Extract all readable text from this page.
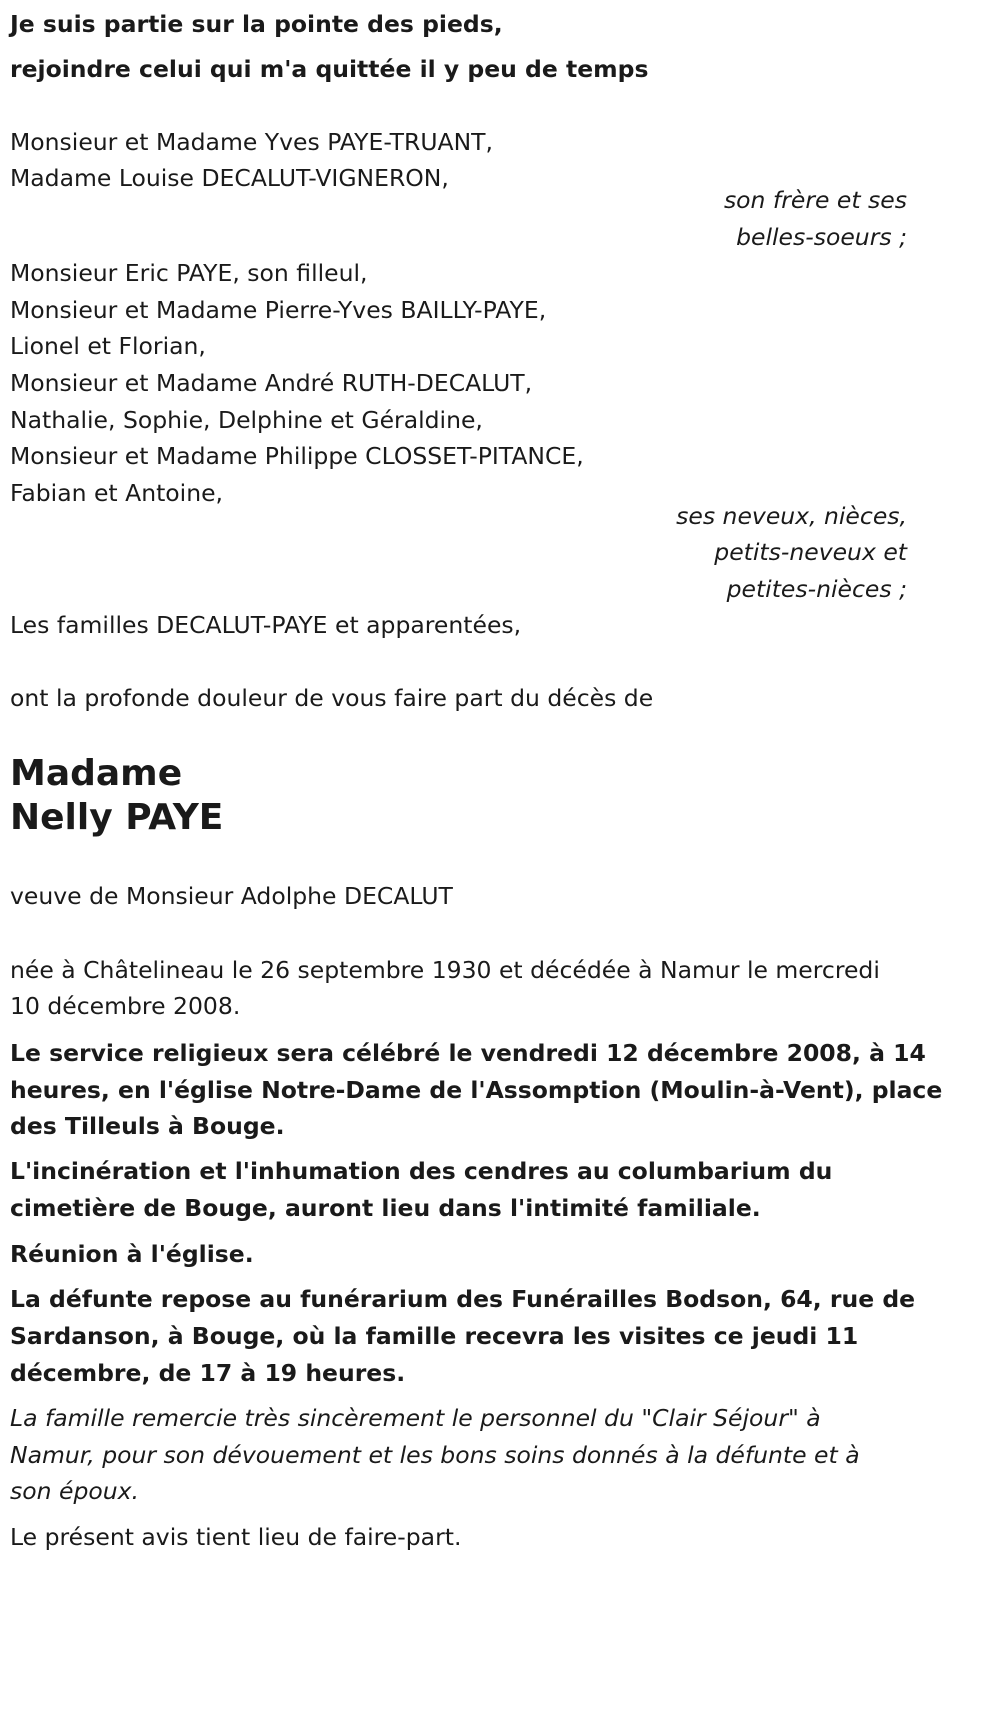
Je suis partie sur la pointe des pieds,
rejoindre celui qui m'a quittée il y peu de temps
Monsieur et Madame Yves PAYE-TRUANT,
Madame Louise DECALUT-VIGNERON,
son frère et ses
belles-soeurs ;
Monsieur Eric PAYE, son filleul,
Monsieur et Madame Pierre-Yves BAILLY-PAYE,
Lionel et Florian,
Monsieur et Madame André RUTH-DECALUT,
Nathalie, Sophie, Delphine et Géraldine,
Monsieur et Madame Philippe CLOSSET-PITANCE,
Fabian et Antoine,
ses neveux, nièces,
petits-neveux et
petites-nièces ;
Les familles DECALUT-PAYE et apparentées,
ont la profonde douleur de vous faire part du décès de
Madame
Nelly PAYE
veuve de Monsieur Adolphe DECALUT
née à Châtelineau le 26 septembre 1930 et décédée à Namur le mercredi
10 décembre 2008.
Le service religieux sera célébré le vendredi 12 décembre 2008, à 14
heures, en l'église Notre-Dame de l'Assomption (Moulin-à-Vent), place
des Tilleuls à Bouge.
L'incinération et l'inhumation des cendres au columbarium du
cimetière de Bouge, auront lieu dans l'intimité familiale.
Réunion à l'église.
La défunte repose au funérarium des Funérailles Bodson, 64, rue de
Sardanson, à Bouge, où la famille recevra les visites ce jeudi 11
décembre, de 17 à 19 heures.
La famille remercie très sincèrement le personnel du "Clair Séjour" à
Namur, pour son dévouement et les bons soins donnés à la défunte et à
son époux.
Le présent avis tient lieu de faire-part.
